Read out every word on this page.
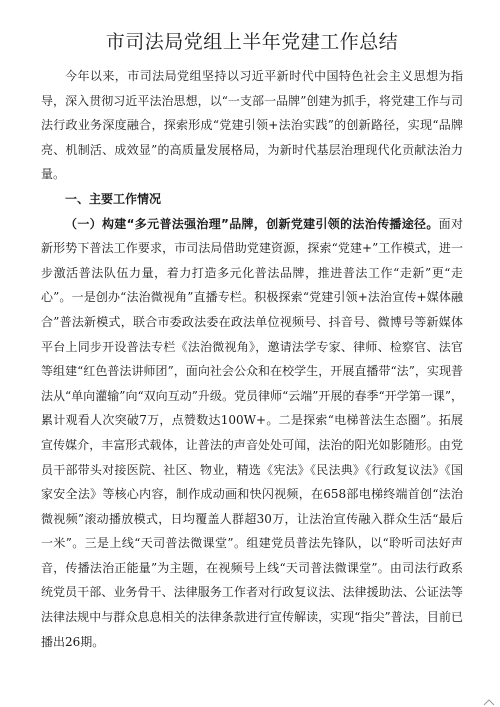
市司法局党组上半年党建工作总结

今年以来，市司法局党组坚持以习近平新时代中国特色社会主义思想为指导，深入贯彻习近平法治思想，以“一支部一品牌”创建为抓手，将党建工作与司法行政业务深度融合，探索形成“党建引领+法治实践”的创新路径，实现“品牌亮、机制活、成效显”的高质量发展格局，为新时代基层治理现代化贡献法治力量。

一、主要工作情况

（一）构建“多元普法强治理”品牌，创新党建引领的法治传播途径。面对新形势下普法工作要求，市司法局借助党建资源，探索“党建+”工作模式，进一步激活普法队伍力量，着力打造多元化普法品牌，推进普法工作“走新”更“走心”。一是创办“法治微视角”直播专栏。积极探索“党建引领+法治宣传+媒体融合”普法新模式，联合市委政法委在政法单位视频号、抖音号、微博号等新媒体平台上同步开设普法专栏《法治微视角》，邀请法学专家、律师、检察官、法官等组建“红色普法讲师团”，面向社会公众和在校学生，开展直播带“法”，实现普法从“单向灌输”向“双向互动”升级。党员律师“云端”开展的春季“开学第一课”，累计观看人次突破7万，点赞数达100W+。二是探索“电梯普法生态圈”。拓展宣传媒介，丰富形式载体，让普法的声音处处可闻，法治的阳光如影随形。由党员干部带头对接医院、社区、物业，精选《宪法》《民法典》《行政复议法》《国家安全法》等核心内容，制作成动画和快闪视频，在658部电梯终端首创“法治微视频”滚动播放模式，日均覆盖人群超30万，让法治宣传融入群众生活“最后一米”。三是上线“天司普法微课堂”。组建党员普法先锋队，以“聆听司法好声音，传播法治正能量”为主题，在视频号上线“天司普法微课堂”。由司法行政系统党员干部、业务骨干、法律服务工作者对行政复议法、法律援助法、公证法等法律法规中与群众息息相关的法律条款进行宣传解读，实现“指尖”普法，目前已播出26期。
